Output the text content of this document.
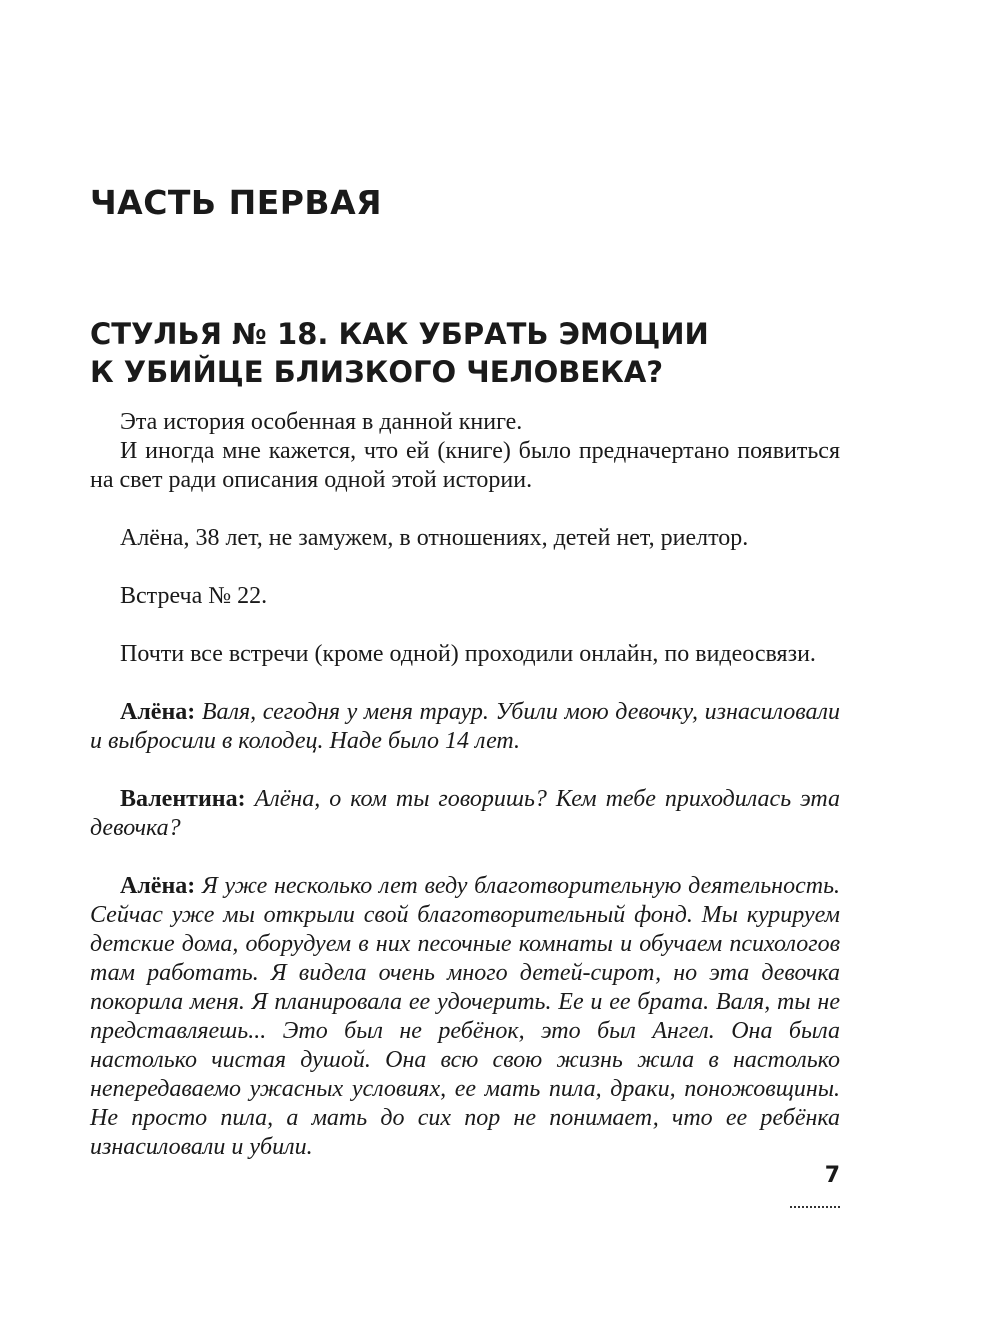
ЧАСТЬ ПЕРВАЯ
СТУЛЬЯ № 18. КАК УБРАТЬ ЭМОЦИИ
К УБИЙЦЕ БЛИЗКОГО ЧЕЛОВЕКА?

Эта история особенная в данной книге.

И иногда мне кажется, что ей (книге) было предначертано появиться на свет ради описания одной этой истории.

Алёна, 38 лет, не замужем, в отношениях, детей нет, риелтор.

Встреча № 22.

Почти все встречи (кроме одной) проходили онлайн, по видеосвязи.

Алёна: Валя, сегодня у меня траур. Убили мою девочку, изнасиловали и выбросили в колодец. Наде было 14 лет.

Валентина: Алёна, о ком ты говоришь? Кем тебе приходилась эта девочка?

Алёна: Я уже несколько лет веду благотворительную деятельность. Сейчас уже мы открыли свой благотворительный фонд. Мы курируем детские дома, оборудуем в них песочные комнаты и обучаем психологов там работать. Я видела очень много детей-сирот, но эта девочка покорила меня. Я планировала ее удочерить. Ее и ее брата. Валя, ты не представляешь... Это был не ребёнок, это был Ангел. Она была настолько чистая душой. Она всю свою жизнь жила в настолько непередаваемо ужасных условиях, ее мать пила, драки, поножовщины. Не просто пила, а мать до сих пор не понимает, что ее ребёнка изнасиловали и убили.

7
